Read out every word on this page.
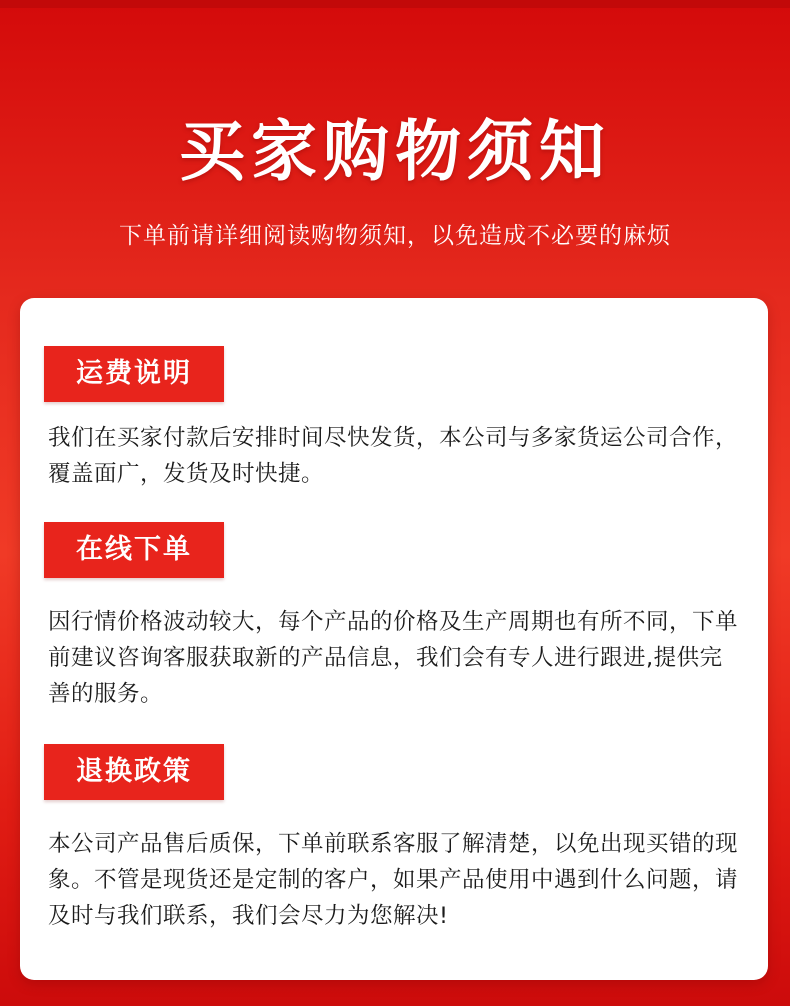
买家购物须知
下单前请详细阅读购物须知，以免造成不必要的麻烦
运费说明

我们在买家付款后安排时间尽快发货，本公司与多家货运公司合作，覆盖面广，发货及时快捷。

在线下单

因行情价格波动较大，每个产品的价格及生产周期也有所不同，下单前建议咨询客服获取新的产品信息，我们会有专人进行跟进,提供完善的服务。

退换政策

本公司产品售后质保，下单前联系客服了解清楚，以免出现买错的现象。不管是现货还是定制的客户，如果产品使用中遇到什么问题，请及时与我们联系，我们会尽力为您解决!
